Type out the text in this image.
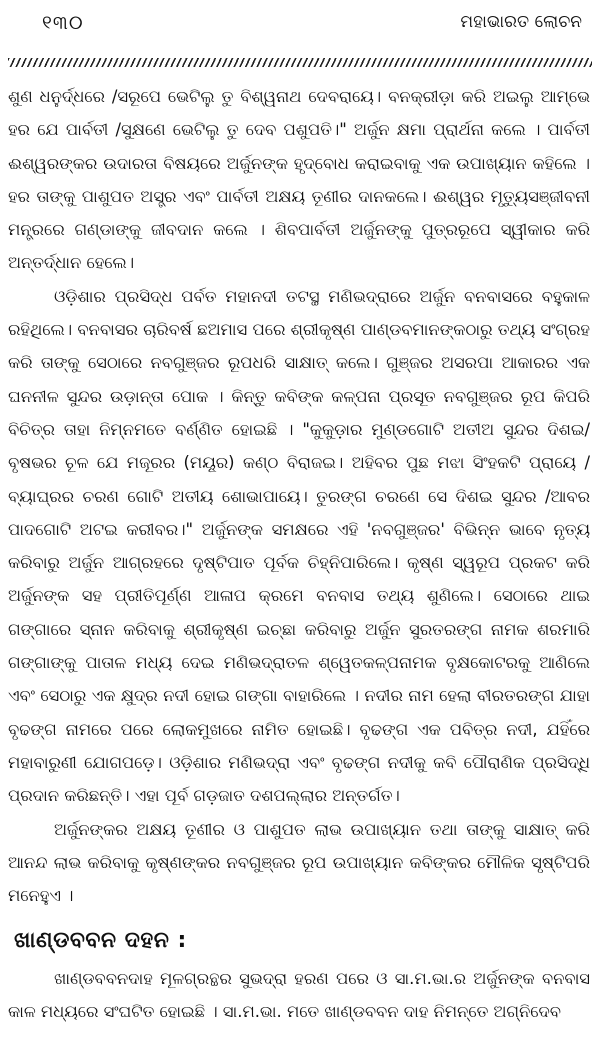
୧୩୦	ମହାଭାରତ ଲୋଚନ

ଶୁଣ ଧନୁର୍ଦ୍ଧରେ /ସରୂପେ ଭେଟିଲୁ ତୁ ବିଶ୍ୱନାଥ ଦେବରାୟେ। ବନକ୍ରୀଡ଼ା କରି ଅଇଲୁ ଆମ୍ଭେ ହର ଯେ ପାର୍ବତୀ /ସୁକ୍ଷଣେ ଭେଟିଲୁ ତୁ ଦେବ ପଶୁପତି।" ଅର୍ଜୁନ କ୍ଷମା ପ୍ରାର୍ଥନା କଲେ । ପାର୍ବତୀ ଈଶ୍ୱରଙ୍କର ଉଦାରତା ବିଷୟରେ ଅର୍ଜୁନଙ୍କ ହୃଦ୍‌ବୋଧ କରାଇବାକୁ ଏକ ଉପାଖ୍ୟାନ କହିଲେ । ହର ତାଙ୍କୁ ପାଶୁପତ ଅସ୍ତ୍ର ଏବଂ ପାର୍ବତୀ ଅକ୍ଷୟ ତୂଣୀର ଦାନକଲେ। ଈଶ୍ୱର ମୃତ୍ୟୁସଞ୍ଜୀବନୀ ମନ୍ତ୍ରରେ ଗଣ୍ଡାଙ୍କୁ ଜୀବଦାନ କଲେ । ଶିବପାର୍ବତୀ ଅର୍ଜୁନଙ୍କୁ ପୁତ୍ରରୂପେ ସ୍ୱୀକାର କରି ଅନ୍ତର୍ଦ୍ଧାନ ହେଲେ।

ଓଡ଼ିଶାର ପ୍ରସିଦ୍ଧ ପର୍ବତ ମହାନଦୀ ତଟସ୍ଥ ମଣିଭଦ୍ରାରେ ଅର୍ଜୁନ ବନବାସରେ ବହୁକାଳ ରହିଥିଲେ। ବନବାସର ଚାରିବର୍ଷ ଛଅମାସ ପରେ ଶ୍ରୀକୃଷ୍ଣ ପାଣ୍ଡବମାନଙ୍କଠାରୁ ତଥ୍ୟ ସଂଗ୍ରହ କରି ତାଙ୍କୁ ସେଠାରେ ନବଗୁଞ୍ଜର ରୂପଧରି ସାକ୍ଷାତ୍ କଲେ। ଗୁଞ୍ଜର ଅସରପା ଆକାରର ଏକ ଘନନୀଳ ସୁନ୍ଦର ଉଡ଼ାନ୍ତା ପୋକ । କିନ୍ତୁ କବିଙ୍କ କଳ୍ପନା ପ୍ରସୂତ ନବଗୁଞ୍ଜର ରୂପ କିପରି ବିଚିତ୍ର ତାହା ନିମ୍ନମତେ ବର୍ଣ୍ଣିତ ହୋଇଛି । "କୁକୁଡ଼ାର ମୁଣ୍ଡଗୋଟି ଅତୀଅ ସୁନ୍ଦର ଦିଶଇ/ ବୃଷଭର ଚୂଳ ଯେ ମଜୂରର (ମୟୂର) କଣ୍ଠ ବିରାଜଇ। ଅହିବର ପୁଛ ମଝା ସିଂହକଟି ପ୍ରାୟେ /ବ୍ୟାଘ୍ରର ଚରଣ ଗୋଟି ଅତୀୟ ଶୋଭାପାୟେ। ତୁରଙ୍ଗ ଚରଣେ ସେ ଦିଶଇ ସୁନ୍ଦର /ଆବର ପାଦଗୋଟି ଅଟଇ କରୀବର।" ଅର୍ଜୁନଙ୍କ ସମକ୍ଷରେ ଏହି 'ନବଗୁଞ୍ଜର' ବିଭିନ୍ନ ଭାବେ ନୃତ୍ୟ କରିବାରୁ ଅର୍ଜୁନ ଆଗ୍ରହରେ ଦୃଷ୍ଟିପାତ ପୂର୍ବକ ଚିହ୍ନିପାରିଲେ। କୃଷ୍ଣ ସ୍ୱରୂପ ପ୍ରକଟ କରି ଅର୍ଜୁନଙ୍କ ସହ ପ୍ରୀତିପୂର୍ଣ୍ଣ ଆଳାପ କ୍ରମେ ବନବାସ ତଥ୍ୟ ଶୁଣିଲେ। ସେଠାରେ ଥାଇ ଗଙ୍ଗାରେ ସ୍ନାନ କରିବାକୁ ଶ୍ରୀକୃଷ୍ଣ ଇଚ୍ଛା କରିବାରୁ ଅର୍ଜୁନ ସୁରତରଙ୍ଗ ନାମକ ଶରମାରି ଗଙ୍ଗାଙ୍କୁ ପାତାଳ ମଧ୍ୟ ଦେଇ ମଣିଭଦ୍ରାତଳ ଶ୍ୱେତକଳ୍ପନାମକ ବୃକ୍ଷକୋଟରକୁ ଆଣିଲେ ଏବଂ ସେଠାରୁ ଏକ କ୍ଷୁଦ୍ର ନଦୀ ହୋଇ ଗଙ୍ଗା ବାହାରିଲେ । ନଦୀର ନାମ ହେଲା ବୀରତରଙ୍ଗ ଯାହା ବୃଢଙ୍ଗ ନାମରେ ପରେ ଲୋକମୁଖରେ ନାମିତ ହୋଇଛି। ବୃଢଙ୍ଗ ଏକ ପବିତ୍ର ନଦୀ, ଯହିଁରେ ମହାବାରୁଣୀ ଯୋଗପଡ଼େ। ଓଡ଼ିଶାର ମଣିଭଦ୍ରା ଏବଂ ବୃଢଙ୍ଗ ନଦୀକୁ କବି ପୌରାଣିକ ପ୍ରସିଦ୍ଧି ପ୍ରଦାନ କରିଛନ୍ତି। ଏହା ପୂର୍ବ ଗଡ଼ଜାତ ଦଶପଲ୍ଲାର ଅନ୍ତର୍ଗତ।

ଅର୍ଜୁନଙ୍କର ଅକ୍ଷୟ ତୂଣୀର ଓ ପାଶୁପତ ଲାଭ ଉପାଖ୍ୟାନ ତଥା ତାଙ୍କୁ ସାକ୍ଷାତ୍ କରି ଆନନ୍ଦ ଲାଭ କରିବାକୁ କୃଷ୍ଣଙ୍କର ନବଗୁଞ୍ଜର ରୂପ ଉପାଖ୍ୟାନ କବିଙ୍କର ମୌଳିକ ସୃଷ୍ଟିପରି ମନେହୁଏ ।

ଖାଣ୍ଡବବନ ଦହନ :

ଖାଣ୍ଡବବନଦାହ ମୂଳଗ୍ରନ୍ଥର ସୁଭଦ୍ରା ହରଣ ପରେ ଓ ସା.ମ.ଭା.ର ଅର୍ଜୁନଙ୍କ ବନବାସ କାଳ ମଧ୍ୟରେ ସଂଘଟିତ ହୋଇଛି । ସା.ମ.ଭା. ମତେ ଖାଣ୍ଡବବନ ଦାହ ନିମନ୍ତେ ଅଗ୍ନିଦେବ
